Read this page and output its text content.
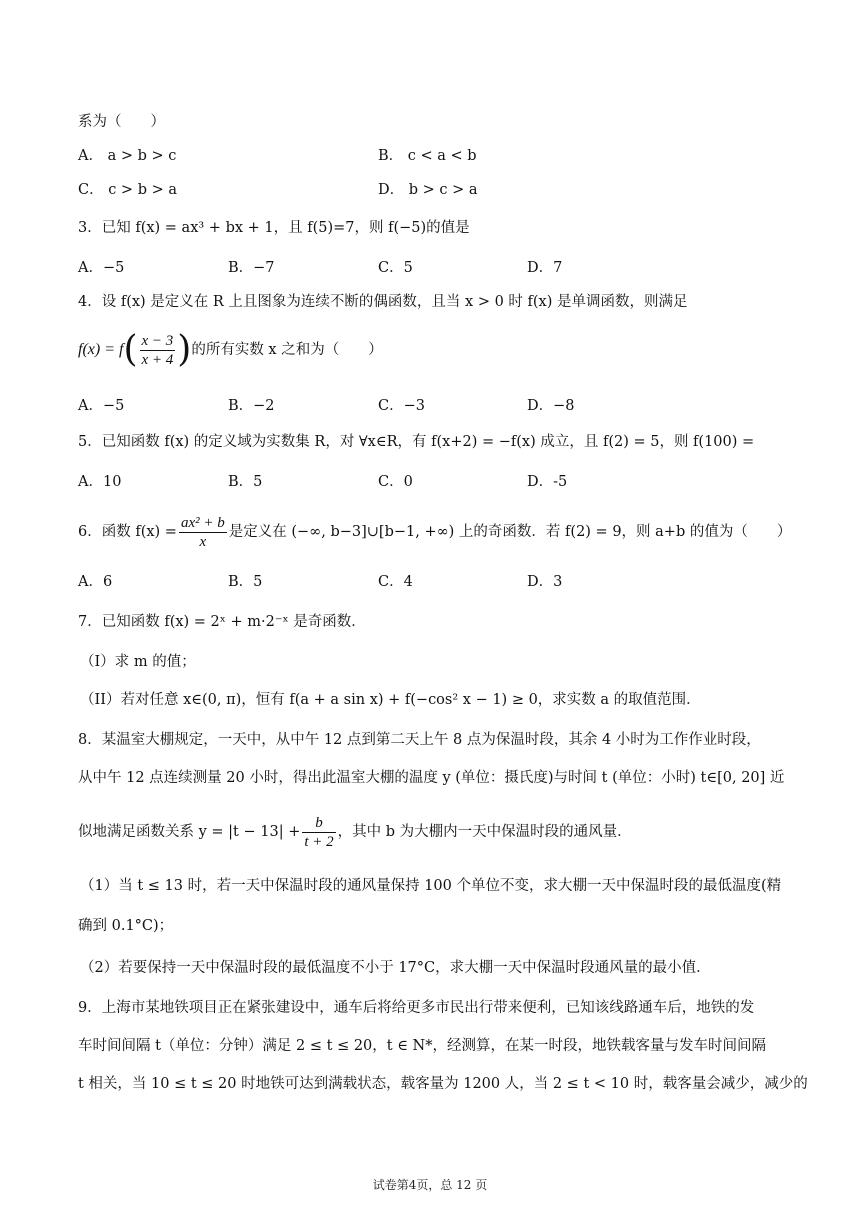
系为（　　）
A． a > b > c	B． c < a < b
C． c > b > a	D． b > c > a
3．已知 f(x) = ax³ + bx + 1，且 f(5)=7，则 f(−5)的值是
A．−5	B．−7	C．5	D．7
4．设 f(x) 是定义在 R 上且图象为连续不断的偶函数，且当 x > 0 时 f(x) 是单调函数，则满足
$f(x) = f( \frac{x - 3}{x + 4}$ )的所有实数 x 之和为（　　）
A．−5	B．−2	C．−3	D．−8
5．已知函数 f(x) 的定义域为实数集 R，对 ∀x∈R，有 f(x+2) = −f(x) 成立，且 f(2) = 5，则 f(100) =
A．10	B．5	C．0	D．-5
6．函数 $f(x) = \frac{\text{ax² + b}}{x}$ 是定义在 (−∞, b−3]∪[b−1, +∞) 上的奇函数．若 f(2) = 9，则 a+b 的值为（　　）
A．6	B．5	C．4	D．3
7．已知函数 f(x) = 2ˣ + m·2⁻ˣ 是奇函数．
（I）求 m 的值；
（II）若对任意 x∈(0, π)，恒有 f(a + a sin x) + f(−cos² x − 1) ≥ 0，求实数 a 的取值范围．
8．某温室大棚规定，一天中，从中午 12 点到第二天上午 8 点为保温时段，其余 4 小时为工作作业时段，
从中午 12 点连续测量 20 小时，得出此温室大棚的温度 y (单位：摄氏度)与时间 t (单位：小时) t∈[0, 20] 近
似地满足函数关系 $y = |t - 13| + \frac{b}{t + 2}$ ，其中 b 为大棚内一天中保温时段的通风量．
（1）当 t ≤ 13 时，若一天中保温时段的通风量保持 100 个单位不变，求大棚一天中保温时段的最低温度(精
确到 0.1°C)；
（2）若要保持一天中保温时段的最低温度不小于 17°C，求大棚一天中保温时段通风量的最小值．
9．上海市某地铁项目正在紧张建设中，通车后将给更多市民出行带来便利，已知该线路通车后，地铁的发
车时间间隔 t（单位：分钟）满足 2 ≤ t ≤ 20，t ∈ N*，经测算，在某一时段，地铁载客量与发车时间间隔
t 相关，当 10 ≤ t ≤ 20 时地铁可达到满载状态，载客量为 1200 人，当 2 ≤ t < 10 时，载客量会减少，减少的
试卷第4页，总 12 页
